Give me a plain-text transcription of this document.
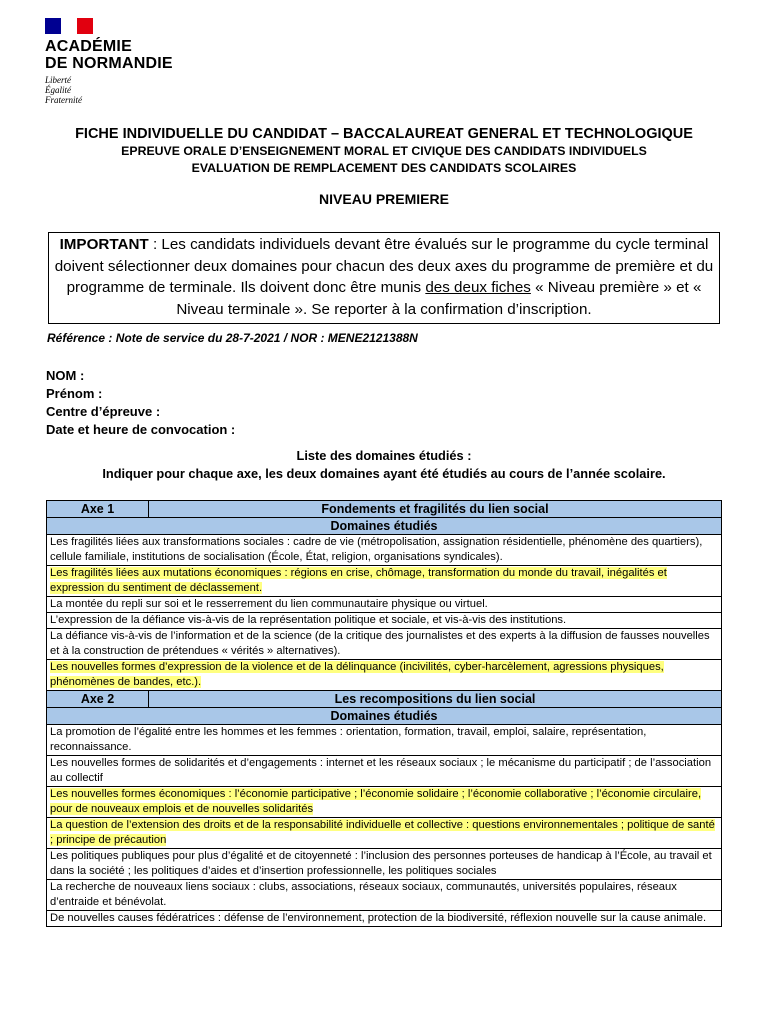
ACADÉMIE
DE NORMANDIE
Liberté
Égalité
Fraternité
FICHE INDIVIDUELLE DU CANDIDAT – BACCALAUREAT GENERAL ET TECHNOLOGIQUE
EPREUVE ORALE D’ENSEIGNEMENT MORAL ET CIVIQUE DES CANDIDATS INDIVIDUELS
EVALUATION DE REMPLACEMENT DES CANDIDATS SCOLAIRES
NIVEAU PREMIERE
IMPORTANT : Les candidats individuels devant être évalués sur le programme du cycle terminal doivent sélectionner deux domaines pour chacun des deux axes du programme de première et du programme de terminale. Ils doivent donc être munis des deux fiches « Niveau première » et « Niveau terminale ». Se reporter à la confirmation d’inscription.
Référence : Note de service du 28-7-2021 / NOR : MENE2121388N
NOM :
Prénom :
Centre d’épreuve :
Date et heure de convocation :
Liste des domaines étudiés :
Indiquer pour chaque axe, les deux domaines ayant été étudiés au cours de l’année scolaire.
Axe 1	Fondements et fragilités du lien social
Domaines étudiés	
Les fragilités liées aux transformations sociales : cadre de vie (métropolisation, assignation résidentielle, phénomène des quartiers), cellule familiale, institutions de socialisation (École, État, religion, organisations syndicales).	
Les fragilités liées aux mutations économiques : régions en crise, chômage, transformation du monde du travail, inégalités et expression du sentiment de déclassement.	
La montée du repli sur soi et le resserrement du lien communautaire physique ou virtuel.	
L’expression de la défiance vis-à-vis de la représentation politique et sociale, et vis-à-vis des institutions.	
La défiance vis-à-vis de l’information et de la science (de la critique des journalistes et des experts à la diffusion de fausses nouvelles et à la construction de prétendues « vérités » alternatives).	
Les nouvelles formes d’expression de la violence et de la délinquance (incivilités, cyber-harcèlement, agressions physiques, phénomènes de bandes, etc.).	
Axe 2	Les recompositions du lien social
Domaines étudiés	
La promotion de l’égalité entre les hommes et les femmes : orientation, formation, travail, emploi, salaire, représentation, reconnaissance.	
Les nouvelles formes de solidarités et d’engagements : internet et les réseaux sociaux ; le mécanisme du participatif ; de l’association au collectif	
Les nouvelles formes économiques : l’économie participative ; l’économie solidaire ; l’économie collaborative ; l’économie circulaire, pour de nouveaux emplois et de nouvelles solidarités	
La question de l’extension des droits et de la responsabilité individuelle et collective : questions environnementales ; politique de santé ; principe de précaution	
Les politiques publiques pour plus d’égalité et de citoyenneté : l’inclusion des personnes porteuses de handicap à l’École, au travail et dans la société ; les politiques d’aides et d’insertion professionnelle, les politiques sociales	
La recherche de nouveaux liens sociaux : clubs, associations, réseaux sociaux, communautés, universités populaires, réseaux d’entraide et bénévolat.	
De nouvelles causes fédératrices : défense de l’environnement, protection de la biodiversité, réflexion nouvelle sur la cause animale.	
